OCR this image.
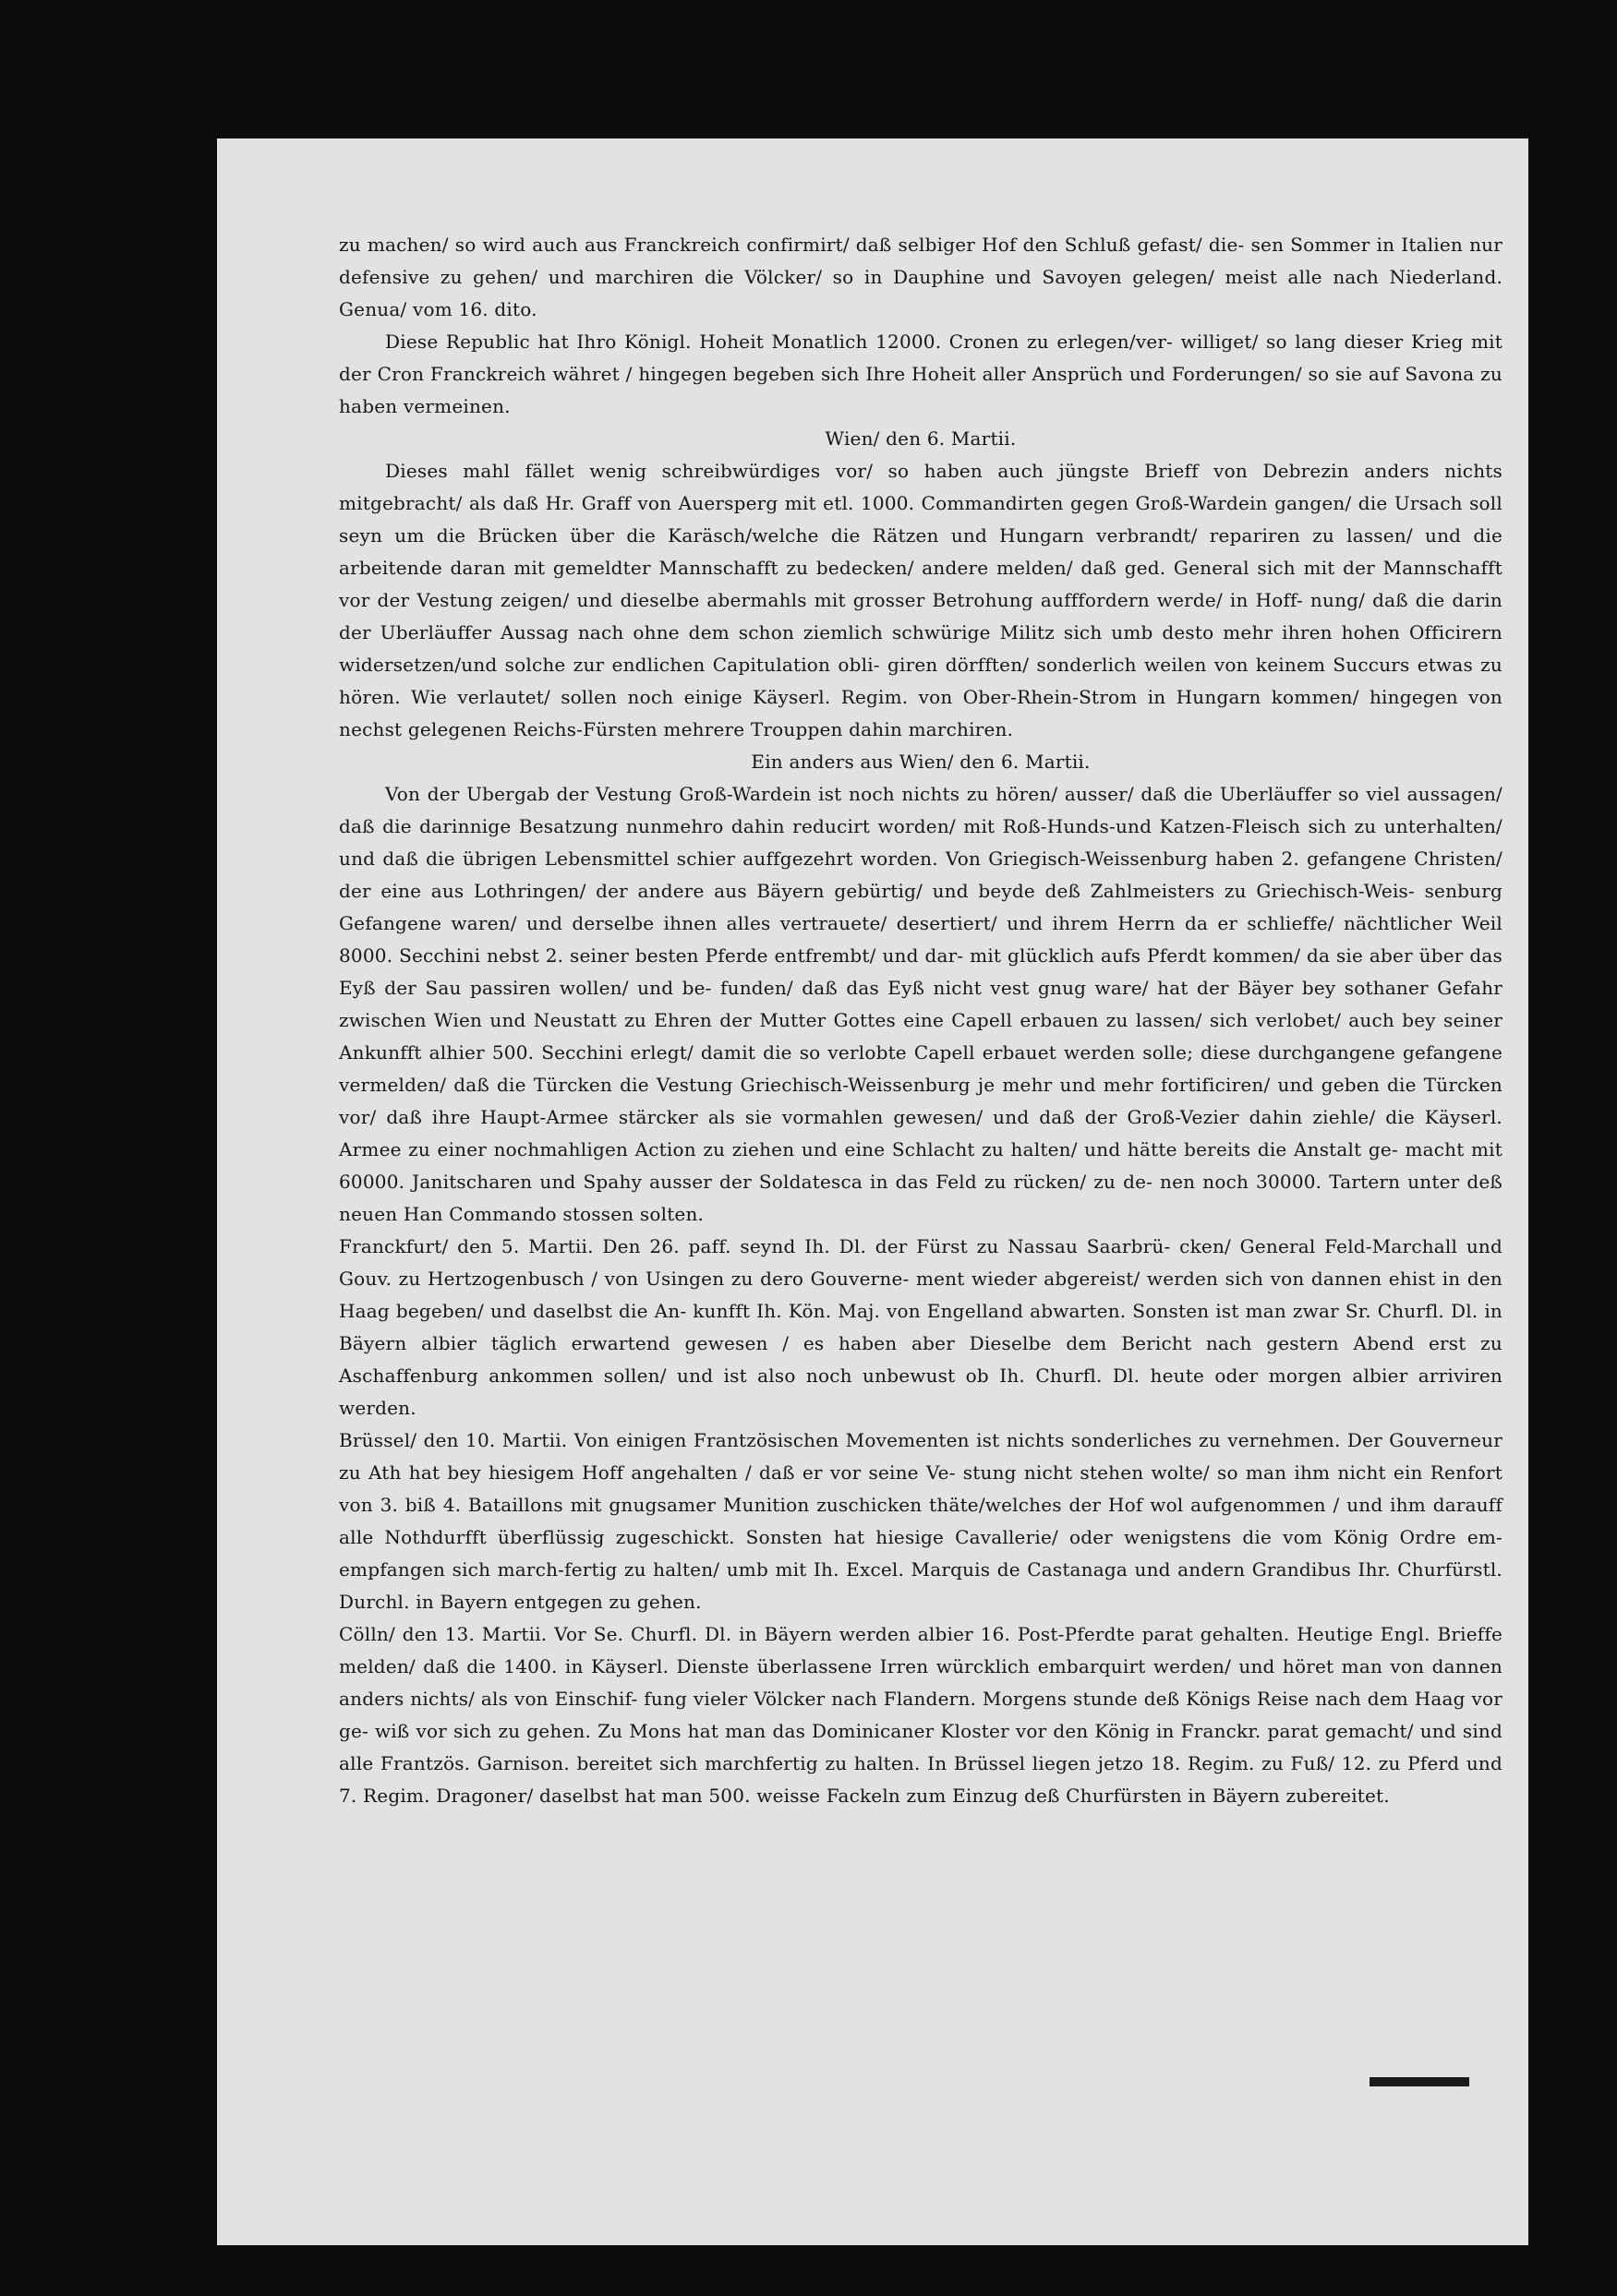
zu machen/ so wird auch aus Franckreich confirmirt/ daß selbiger Hof den Schluß gefast/ die- sen Sommer in Italien nur defensive zu gehen/ und marchiren die Völcker/ so in Dauphine und Savoyen gelegen/ meist alle nach Niederland. Genua/ vom 16. dito.

Diese Republic hat Ihro Königl. Hoheit Monatlich 12000. Cronen zu erlegen/ver- williget/ so lang dieser Krieg mit der Cron Franckreich währet / hingegen begeben sich Ihre Hoheit aller Ansprüch und Forderungen/ so sie auf Savona zu haben vermeinen.

Wien/ den 6. Martii.

Dieses mahl fället wenig schreibwürdiges vor/ so haben auch jüngste Brieff von Debrezin anders nichts mitgebracht/ als daß Hr. Graff von Auersperg mit etl. 1000. Commandirten gegen Groß-Wardein gangen/ die Ursach soll seyn um die Brücken über die Karäsch/welche die Rätzen und Hungarn verbrandt/ repariren zu lassen/ und die arbeitende daran mit gemeldter Mannschafft zu bedecken/ andere melden/ daß ged. General sich mit der Mannschafft vor der Vestung zeigen/ und dieselbe abermahls mit grosser Betrohung aufffordern werde/ in Hoff- nung/ daß die darin der Uberläuffer Aussag nach ohne dem schon ziemlich schwürige Militz sich umb desto mehr ihren hohen Officirern widersetzen/und solche zur endlichen Capitulation obli- giren dörfften/ sonderlich weilen von keinem Succurs etwas zu hören. Wie verlautet/ sollen noch einige Käyserl. Regim. von Ober-Rhein-Strom in Hungarn kommen/ hingegen von nechst gelegenen Reichs-Fürsten mehrere Trouppen dahin marchiren.

Ein anders aus Wien/ den 6. Martii.

Von der Ubergab der Vestung Groß-Wardein ist noch nichts zu hören/ ausser/ daß die Uberläuffer so viel aussagen/ daß die darinnige Besatzung nunmehro dahin reducirt worden/ mit Roß-Hunds-und Katzen-Fleisch sich zu unterhalten/ und daß die übrigen Lebensmittel schier auffgezehrt worden. Von Griegisch-Weissenburg haben 2. gefangene Christen/ der eine aus Lothringen/ der andere aus Bäyern gebürtig/ und beyde deß Zahlmeisters zu Griechisch-Weis- senburg Gefangene waren/ und derselbe ihnen alles vertrauete/ desertiert/ und ihrem Herrn da er schlieffe/ nächtlicher Weil 8000. Secchini nebst 2. seiner besten Pferde entfrembt/ und dar- mit glücklich aufs Pferdt kommen/ da sie aber über das Eyß der Sau passiren wollen/ und be- funden/ daß das Eyß nicht vest gnug ware/ hat der Bäyer bey sothaner Gefahr zwischen Wien und Neustatt zu Ehren der Mutter Gottes eine Capell erbauen zu lassen/ sich verlobet/ auch bey seiner Ankunfft alhier 500. Secchini erlegt/ damit die so verlobte Capell erbauet werden solle; diese durchgangene gefangene vermelden/ daß die Türcken die Vestung Griechisch-Weissenburg je mehr und mehr fortificiren/ und geben die Türcken vor/ daß ihre Haupt-Armee stärcker als sie vormahlen gewesen/ und daß der Groß-Vezier dahin ziehle/ die Käyserl. Armee zu einer nochmahligen Action zu ziehen und eine Schlacht zu halten/ und hätte bereits die Anstalt ge- macht mit 60000. Janitscharen und Spahy ausser der Soldatesca in das Feld zu rücken/ zu de- nen noch 30000. Tartern unter deß neuen Han Commando stossen solten.

Franckfurt/ den 5. Martii. Den 26. paff. seynd Ih. Dl. der Fürst zu Nassau Saarbrü- cken/ General Feld-Marchall und Gouv. zu Hertzogenbusch / von Usingen zu dero Gouverne- ment wieder abgereist/ werden sich von dannen ehist in den Haag begeben/ und daselbst die An- kunfft Ih. Kön. Maj. von Engelland abwarten. Sonsten ist man zwar Sr. Churfl. Dl. in Bäyern albier täglich erwartend gewesen / es haben aber Dieselbe dem Bericht nach gestern Abend erst zu Aschaffenburg ankommen sollen/ und ist also noch unbewust ob Ih. Churfl. Dl. heute oder morgen albier arriviren werden.

Brüssel/ den 10. Martii. Von einigen Frantzösischen Movementen ist nichts sonderliches zu vernehmen. Der Gouverneur zu Ath hat bey hiesigem Hoff angehalten / daß er vor seine Ve- stung nicht stehen wolte/ so man ihm nicht ein Renfort von 3. biß 4. Bataillons mit gnugsamer Munition zuschicken thäte/welches der Hof wol aufgenommen / und ihm darauff alle Nothdurfft überflüssig zugeschickt. Sonsten hat hiesige Cavallerie/ oder wenigstens die vom König Ordre em- empfangen sich march-fertig zu halten/ umb mit Ih. Excel. Marquis de Castanaga und andern Grandibus Ihr. Churfürstl. Durchl. in Bayern entgegen zu gehen.

Cölln/ den 13. Martii. Vor Se. Churfl. Dl. in Bäyern werden albier 16. Post-Pferdte parat gehalten. Heutige Engl. Brieffe melden/ daß die 1400. in Käyserl. Dienste überlassene Irren würcklich embarquirt werden/ und höret man von dannen anders nichts/ als von Einschif- fung vieler Völcker nach Flandern. Morgens stunde deß Königs Reise nach dem Haag vor ge- wiß vor sich zu gehen. Zu Mons hat man das Dominicaner Kloster vor den König in Franckr. parat gemacht/ und sind alle Frantzös. Garnison. bereitet sich marchfertig zu halten. In Brüssel liegen jetzo 18. Regim. zu Fuß/ 12. zu Pferd und 7. Regim. Dragoner/ daselbst hat man 500. weisse Fackeln zum Einzug deß Churfürsten in Bäyern zubereitet.
